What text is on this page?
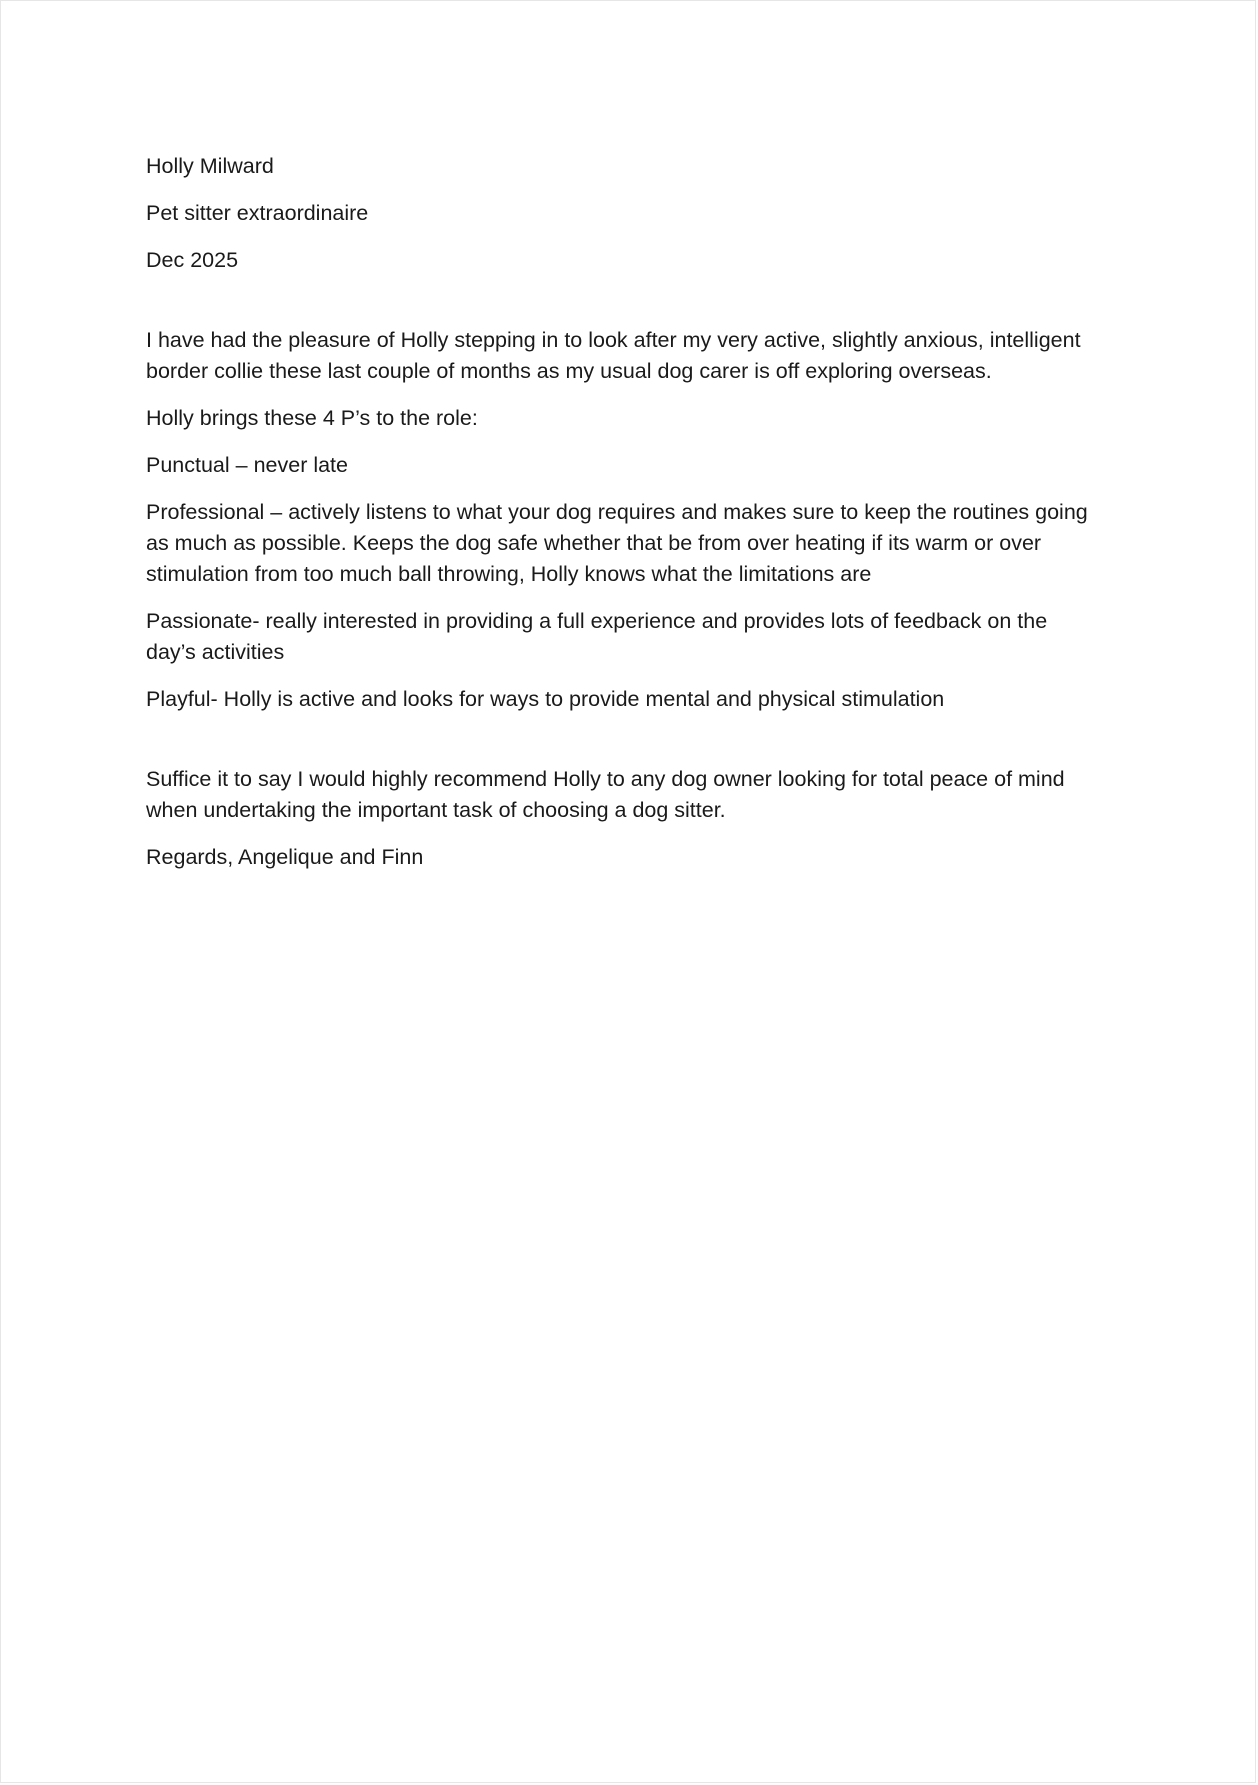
Holly Milward

Pet sitter extraordinaire

Dec 2025

I have had the pleasure of Holly stepping in to look after my very active, slightly anxious, intelligent border collie these last couple of months as my usual dog carer is off exploring overseas.

Holly brings these 4 P’s to the role:

Punctual – never late

Professional – actively listens to what your dog requires and makes sure to keep the routines going as much as possible. Keeps the dog safe whether that be from over heating if its warm or over stimulation from too much ball throwing, Holly knows what the limitations are

Passionate- really interested in providing a full experience and provides lots of feedback on the day’s activities

Playful- Holly is active and looks for ways to provide mental and physical stimulation

Suffice it to say I would highly recommend Holly to any dog owner looking for total peace of mind when undertaking the important task of choosing a dog sitter.

Regards, Angelique and Finn
